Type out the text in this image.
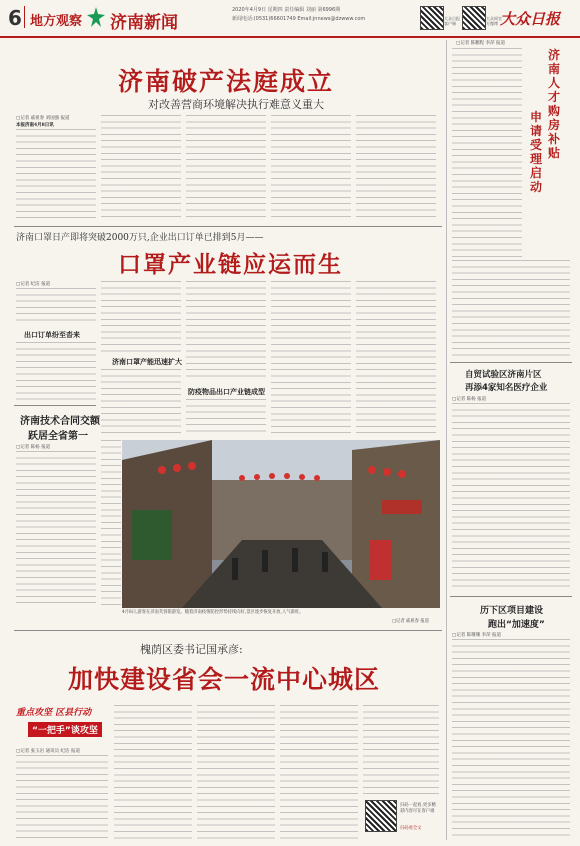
6 地方观察 济南新闻
2020年4月9日 星期四 责任编辑 刘丽 第6996期
新闻电话:(0531)66601749 Email:jnnews@dzwww.com	大众日报客户端
大众网官方微博 大众日报
济南破产法庭成立
对改善营商环境解决执行难意义重大
□记者 戚祖春 刘国强 报道
本报济南4月8日讯
济南口罩日产即将突破2000万只,企业出口订单已排到5月——
口罩产业链应运而生
□记者 纪洁 报道
出口订单纷至沓来
济南口罩产能迅速扩大
防疫物品出口产业链成型
济南技术合同交额
跃居全省第一
□记者 陈杨 报道
4月8日,游客在济南芙蓉街游览。随着济南疫情防控形势持续向好,景区逐步恢复开放,人气渐旺。
□记者 戚祖春 报道
槐荫区委书记国承彦:
加快建设省会一流中心城区
重点攻坚 区县行动
“一把手”谈攻坚
□记者 张玉岩 通讯员 纪洁 报道
扫码一起看,更多精彩内容尽在客户端
扫码看全文
□记者 陈鹏程 李萍 报道
济南人才购房补贴
申请受理启动
自贸试验区济南片区
再添4家知名医疗企业
□记者 陈杨 报道
历下区项目建设
跑出“加速度”
□记者 陈珊珊 李萍 报道
